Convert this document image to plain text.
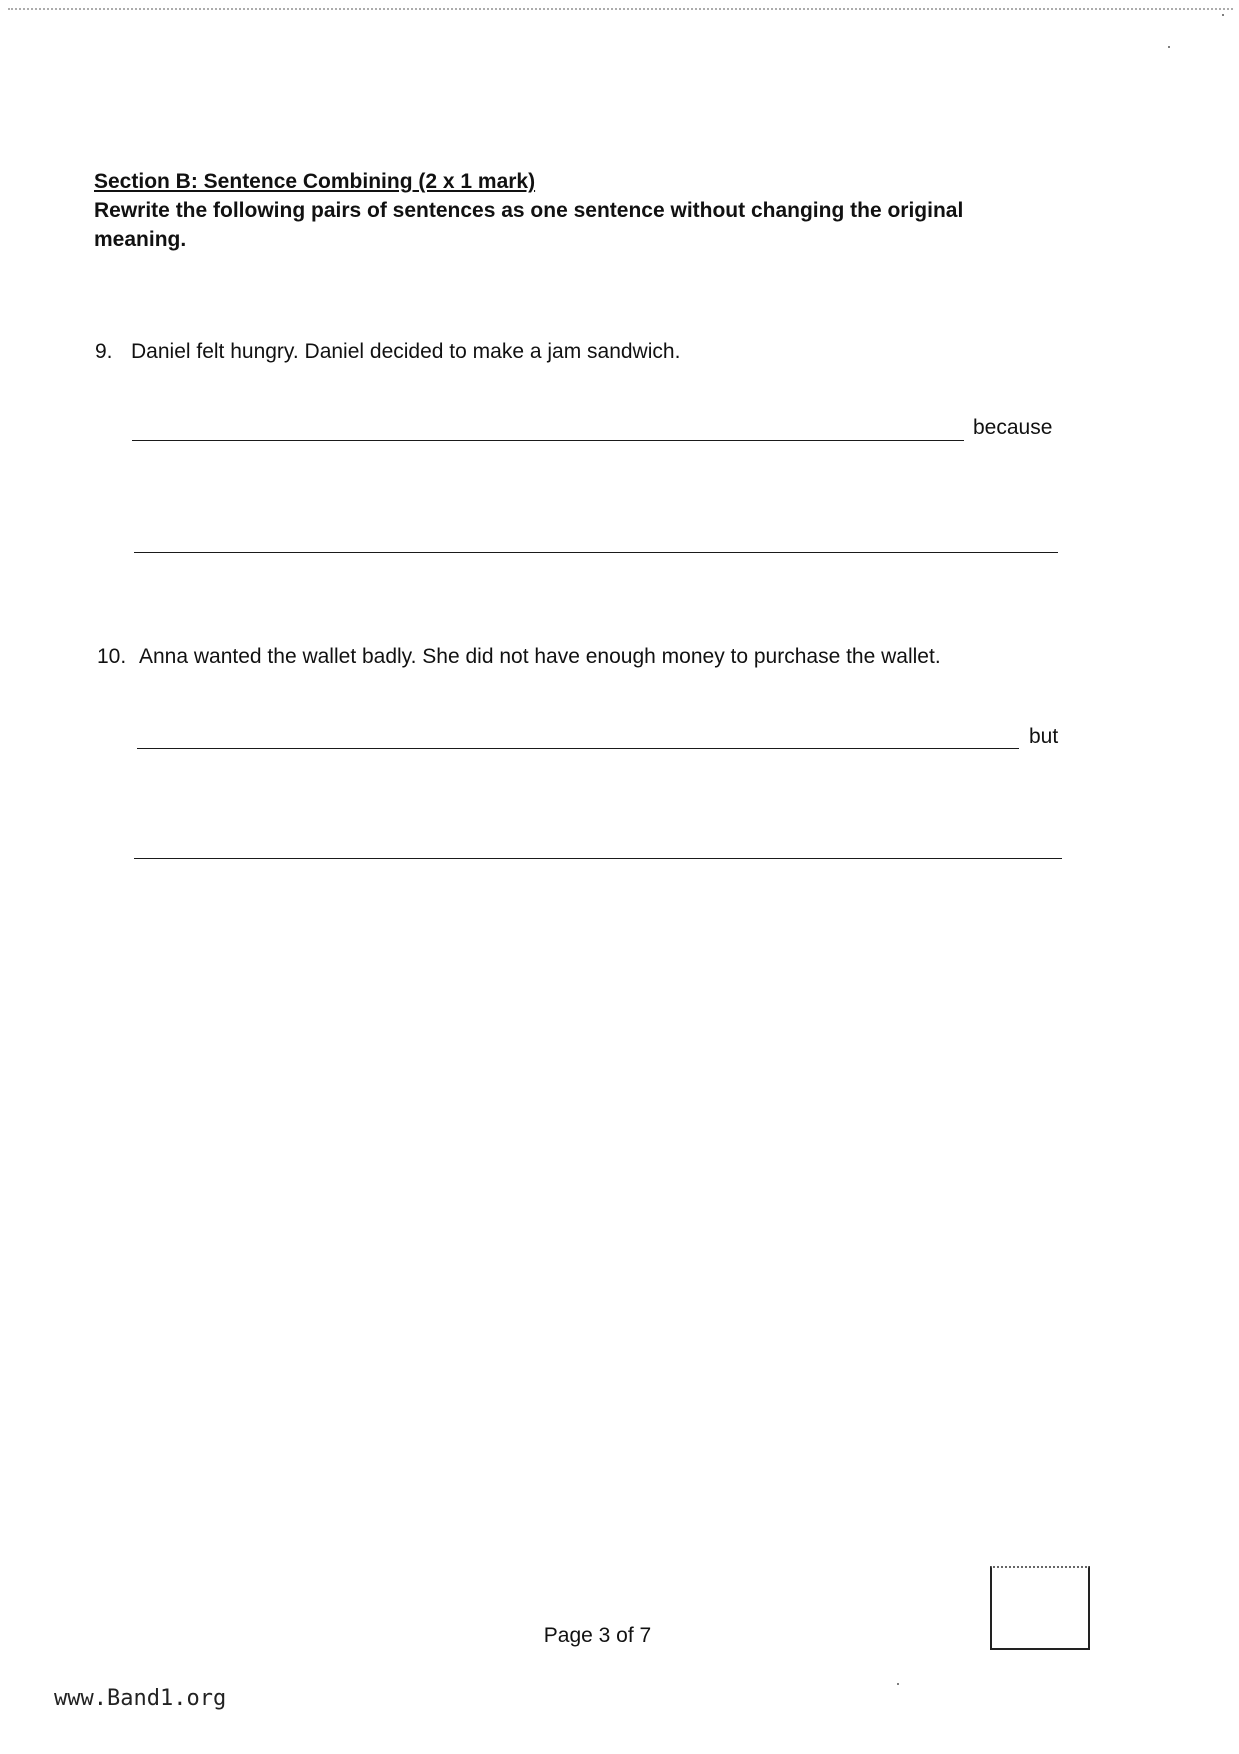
Section B: Sentence Combining (2 x 1 mark)

Rewrite the following pairs of sentences as one sentence without changing the original meaning.

9. Daniel felt hungry. Daniel decided to make a jam sandwich.

because

10. Anna wanted the wallet badly. She did not have enough money to purchase the wallet.

but

Page 3 of 7

www.Band1.org
